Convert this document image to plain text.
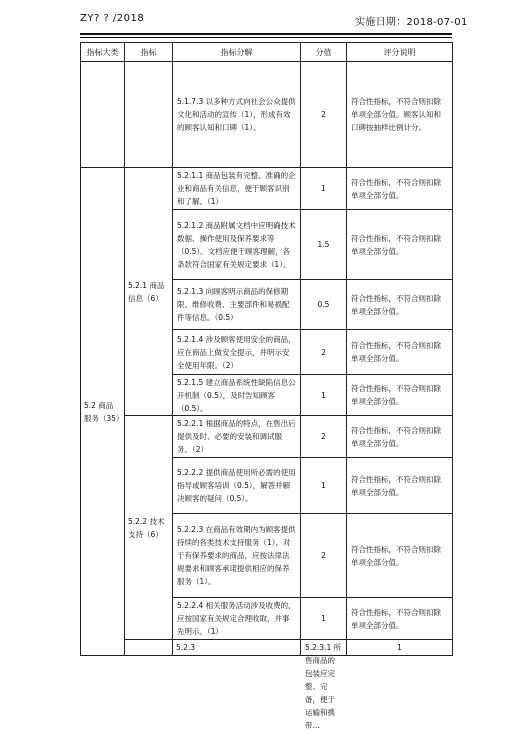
ZY? ? /2018	实施日期：2018-07-01
指标大类	指标	指标分解	分值	评分说明	
		5.1.7.3 以多种方式向社会公众提供文化和活动的宣传（1），形成有效的顾客认知和口碑（1）。	2	符合性指标，不符合则扣除单项全部分值。顾客认知和口碑按抽样比例计分。	
5.2 商品服务（35）	5.2.1 商品信息（6）	5.2.1.1 商品包装有完整、准确的企业和商品有关信息，便于顾客识别和了解。（1）	1	符合性指标，不符合则扣除单项全部分值。	
		5.2.1.2 商品附属文档中应明确技术数据、操作使用及保养要求等（0.5）。文档应便于顾客理解，各条款符合国家有关规定要求（1）。	1.5	符合性指标，不符合则扣除单项全部分值。	
		5.2.1.3 向顾客明示商品的保修期限、维修收费、主要部件和易损配件等信息。（0.5）	0.5	符合性指标，不符合则扣除单项全部分值。	
		5.2.1.4 涉及顾客使用安全的商品，应在商品上做安全提示，并明示安全使用年限。（2）	2	符合性指标，不符合则扣除单项全部分值。	
		5.2.1.5 建立商品系统性缺陷信息公开机制（0.5），及时告知顾客（0.5）。	1	符合性指标，不符合则扣除单项全部分值。	
	5.2.2 技术支持（6）	5.2.2.1 根据商品的特点，在售出后提供及时、必要的安装和调试服务。（2）	2	符合性指标，不符合则扣除单项全部分值。	
		5.2.2.2 提供商品使用所必需的使用指导或顾客培训（0.5），解答并解决顾客的疑问（0.5）。	1	符合性指标，不符合则扣除单项全部分值。	
		5.2.2.3 在商品有效期内为顾客提供持续的各类技术支持服务（1），对于有保养要求的商品，应按法律法规要求和顾客承诺提供相应的保养服务（1）。	2	符合性指标，不符合则扣除单项全部分值。	
		5.2.2.4 相关服务活动涉及收费的，应按国家有关规定合理收取，并事先明示。（1）	1	符合性指标，不符合则扣除单项全部分值。	

		5.2.3	5.2.3.1 所售商品的包装应完整、完备，便于运输和携带…	1
